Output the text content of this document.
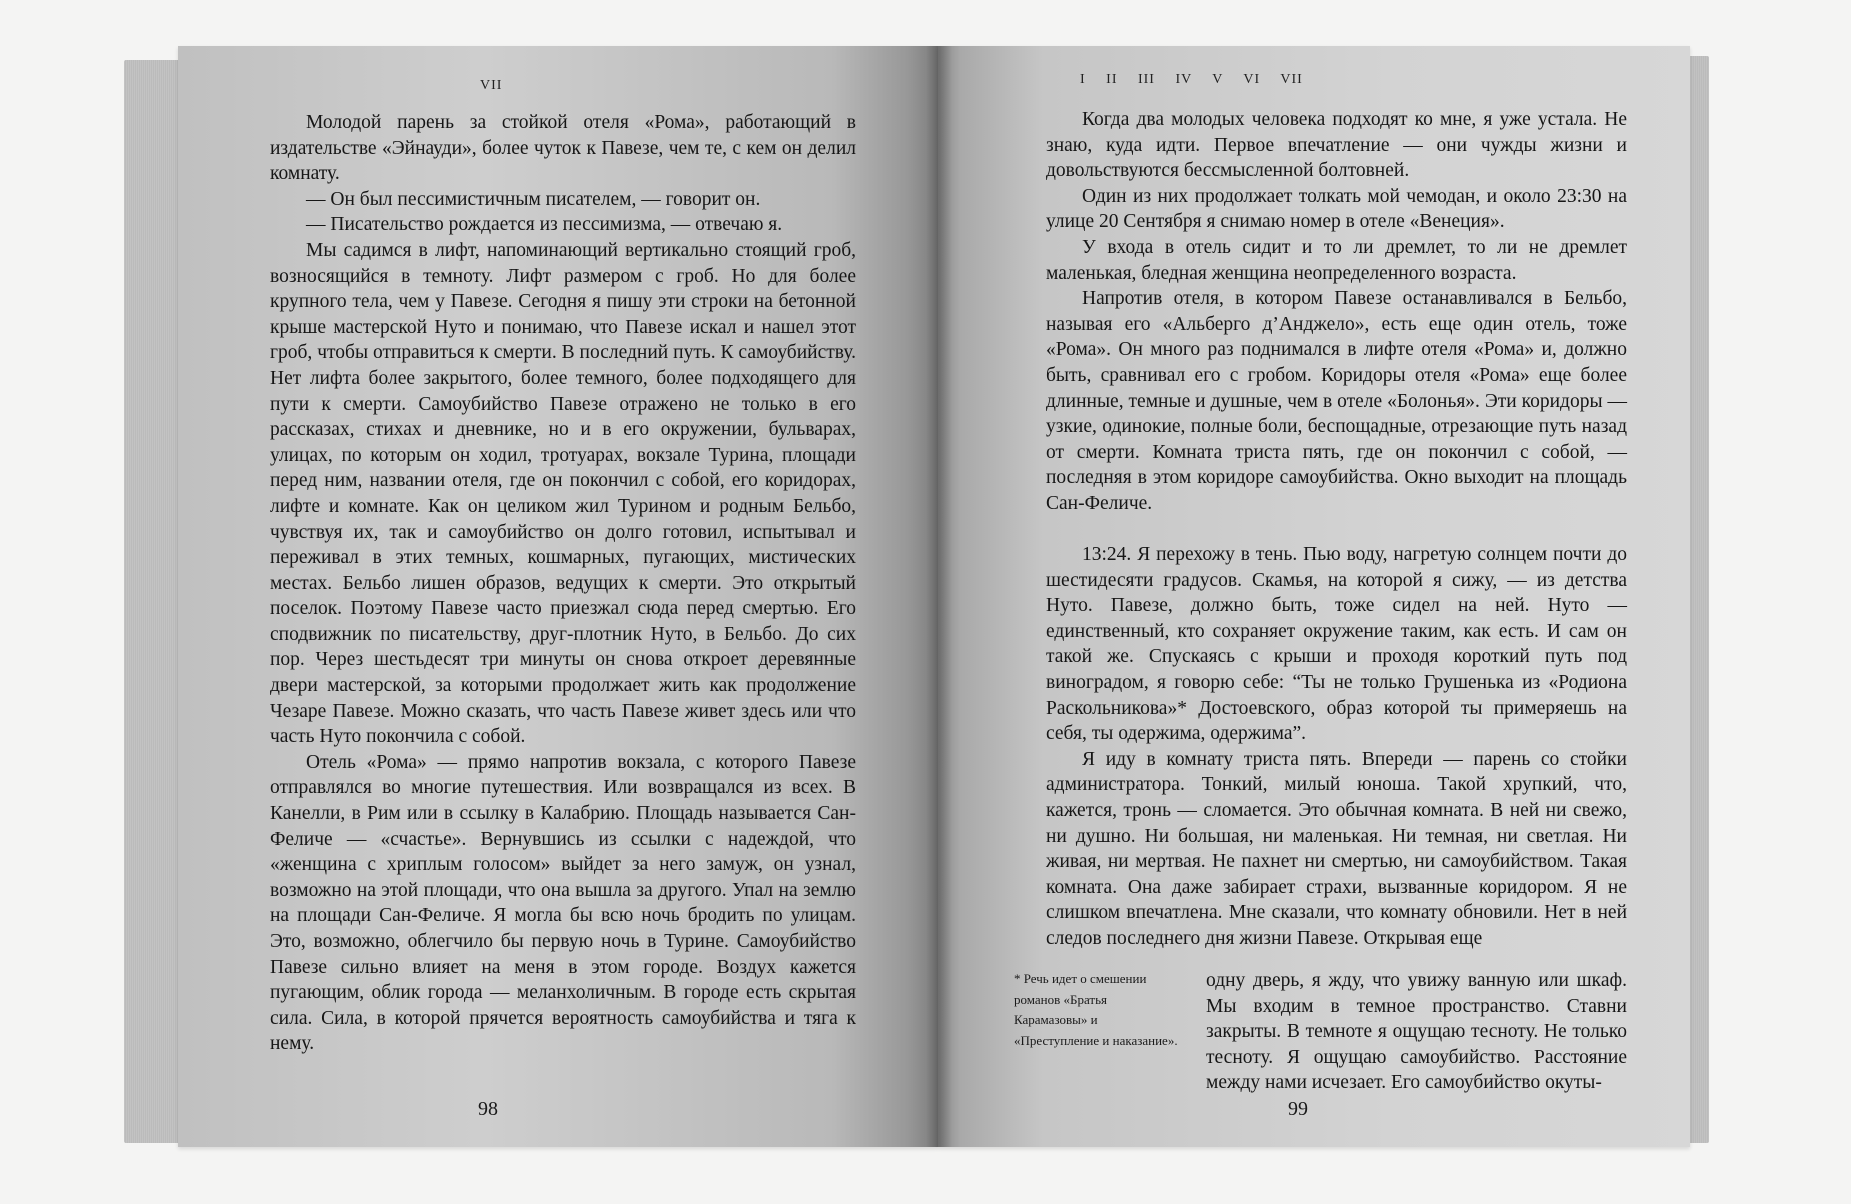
VII

Молодой парень за стойкой отеля «Рома», работающий в издательстве «Эйнауди», более чуток к Павезе, чем те, с кем он делил комнату.

— Он был пессимистичным писателем, — говорит он.

— Писательство рождается из пессимизма, — отвечаю я.

Мы садимся в лифт, напоминающий вертикально стоящий гроб, возносящийся в темноту. Лифт размером с гроб. Но для более крупного тела, чем у Павезе. Сегодня я пишу эти строки на бетонной крыше мастерской Нуто и понимаю, что Павезе искал и нашел этот гроб, чтобы отправиться к смерти. В последний путь. К самоубийству. Нет лифта более закрытого, более темного, более подходящего для пути к смерти. Самоубийство Павезе отражено не только в его рассказах, стихах и дневнике, но и в его окружении, бульварах, улицах, по которым он ходил, тротуарах, вокзале Турина, площади перед ним, названии отеля, где он покончил с собой, его коридорах, лифте и комнате. Как он целиком жил Турином и родным Бельбо, чувствуя их, так и самоубийство он долго готовил, испытывал и переживал в этих темных, кошмарных, пугающих, мистических местах. Бельбо лишен образов, ведущих к смерти. Это открытый поселок. Поэтому Павезе часто приезжал сюда перед смертью. Его сподвижник по писательству, друг-плотник Нуто, в Бельбо. До сих пор. Через шестьдесят три минуты он снова откроет деревянные двери мастерской, за которыми продолжает жить как продолжение Чезаре Павезе. Можно сказать, что часть Павезе живет здесь или что часть Нуто покончила с собой.

Отель «Рома» — прямо напротив вокзала, с которого Павезе отправлялся во многие путешествия. Или возвращался из всех. В Канелли, в Рим или в ссылку в Калабрию. Площадь называется Сан-Феличе — «счастье». Вернувшись из ссылки с надеждой, что «женщина с хриплым голосом» выйдет за него замуж, он узнал, возможно на этой площади, что она вышла за другого. Упал на землю на площади Сан-Феличе. Я могла бы всю ночь бродить по улицам. Это, возможно, облегчило бы первую ночь в Турине. Самоубийство Павезе сильно влияет на меня в этом городе. Воздух кажется пугающим, облик города — меланхоличным. В городе есть скрытая сила. Сила, в которой прячется вероятность самоубийства и тяга к нему.

98
I II III IV V VI VII

Когда два молодых человека подходят ко мне, я уже устала. Не знаю, куда идти. Первое впечатление — они чужды жизни и довольствуются бессмысленной болтовней.

Один из них продолжает толкать мой чемодан, и около 23:30 на улице 20 Сентября я снимаю номер в отеле «Венеция».

У входа в отель сидит и то ли дремлет, то ли не дремлет маленькая, бледная женщина неопределенного возраста.

Напротив отеля, в котором Павезе останавливался в Бельбо, называя его «Альберго д’Анджело», есть еще один отель, тоже «Рома». Он много раз поднимался в лифте отеля «Рома» и, должно быть, сравнивал его с гробом. Коридоры отеля «Рома» еще более длинные, темные и душные, чем в отеле «Болонья». Эти коридоры — узкие, одинокие, полные боли, беспощадные, отрезающие путь назад от смерти. Комната триста пять, где он покончил с собой, — последняя в этом коридоре самоубийства. Окно выходит на площадь Сан-Феличе.

13:24. Я перехожу в тень. Пью воду, нагретую солнцем почти до шестидесяти градусов. Скамья, на которой я сижу, — из детства Нуто. Павезе, должно быть, тоже сидел на ней. Нуто — единственный, кто сохраняет окружение таким, как есть. И сам он такой же. Спускаясь с крыши и проходя короткий путь под виноградом, я говорю себе: “Ты не только Грушенька из «Родиона Раскольникова»* Достоевского, образ которой ты примеряешь на себя, ты одержима, одержима”.

Я иду в комнату триста пять. Впереди — парень со стойки администратора. Тонкий, милый юноша. Такой хрупкий, что, кажется, тронь — сломается. Это обычная комната. В ней ни свежо, ни душно. Ни большая, ни маленькая. Ни темная, ни светлая. Ни живая, ни мертвая. Не пахнет ни смертью, ни самоубийством. Такая комната. Она даже забирает страхи, вызванные коридором. Я не слишком впечатлена. Мне сказали, что комнату обновили. Нет в ней следов последнего дня жизни Павезе. Открывая еще

* Речь идет о смешении романов «Братья Карамазовы» и «Преступление и наказание».

одну дверь, я жду, что увижу ванную или шкаф. Мы входим в темное пространство. Ставни закрыты. В темноте я ощущаю тесноту. Не только тесноту. Я ощущаю самоубийство. Расстояние между нами исчезает. Его самоубийство окуты-

99
